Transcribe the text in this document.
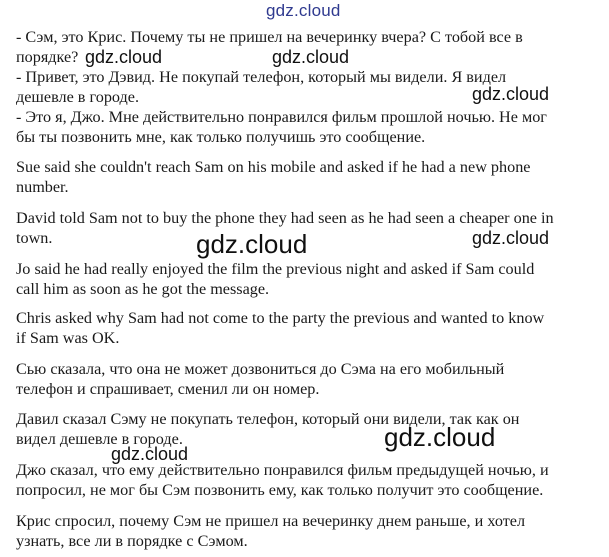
gdz.cloud
- Сэм, это Крис. Почему ты не пришел на вечеринку вчера? С тобой все в
порядке?
- Привет, это Дэвид. Не покупай телефон, который мы видели. Я видел
дешевле в городе.
- Это я, Джо. Мне действительно понравился фильм прошлой ночью. Не мог
бы ты позвонить мне, как только получишь это сообщение.
Sue said she couldn't reach Sam on his mobile and asked if he had a new phone
number.
David told Sam not to buy the phone they had seen as he had seen a cheaper one in
town.
Jo said he had really enjoyed the film the previous night and asked if Sam could
call him as soon as he got the message.
Chris asked why Sam had not come to the party the previous and wanted to know
if Sam was OK.
Сью сказала, что она не может дозвониться до Сэма на его мобильный
телефон и спрашивает, сменил ли он номер.
Давил сказал Сэму не покупать телефон, который они видели, так как он
видел дешевле в городе.
Джо сказал, что ему действительно понравился фильм предыдущей ночью, и
попросил, не мог бы Сэм позвонить ему, как только получит это сообщение.
Крис спросил, почему Сэм не пришел на вечеринку днем раньше, и хотел
узнать, все ли в порядке с Сэмом.
gdz.cloud	gdz.cloud
gdz.cloud
gdz.cloud
gdz.cloud
gdz.cloud
gdz.cloud
